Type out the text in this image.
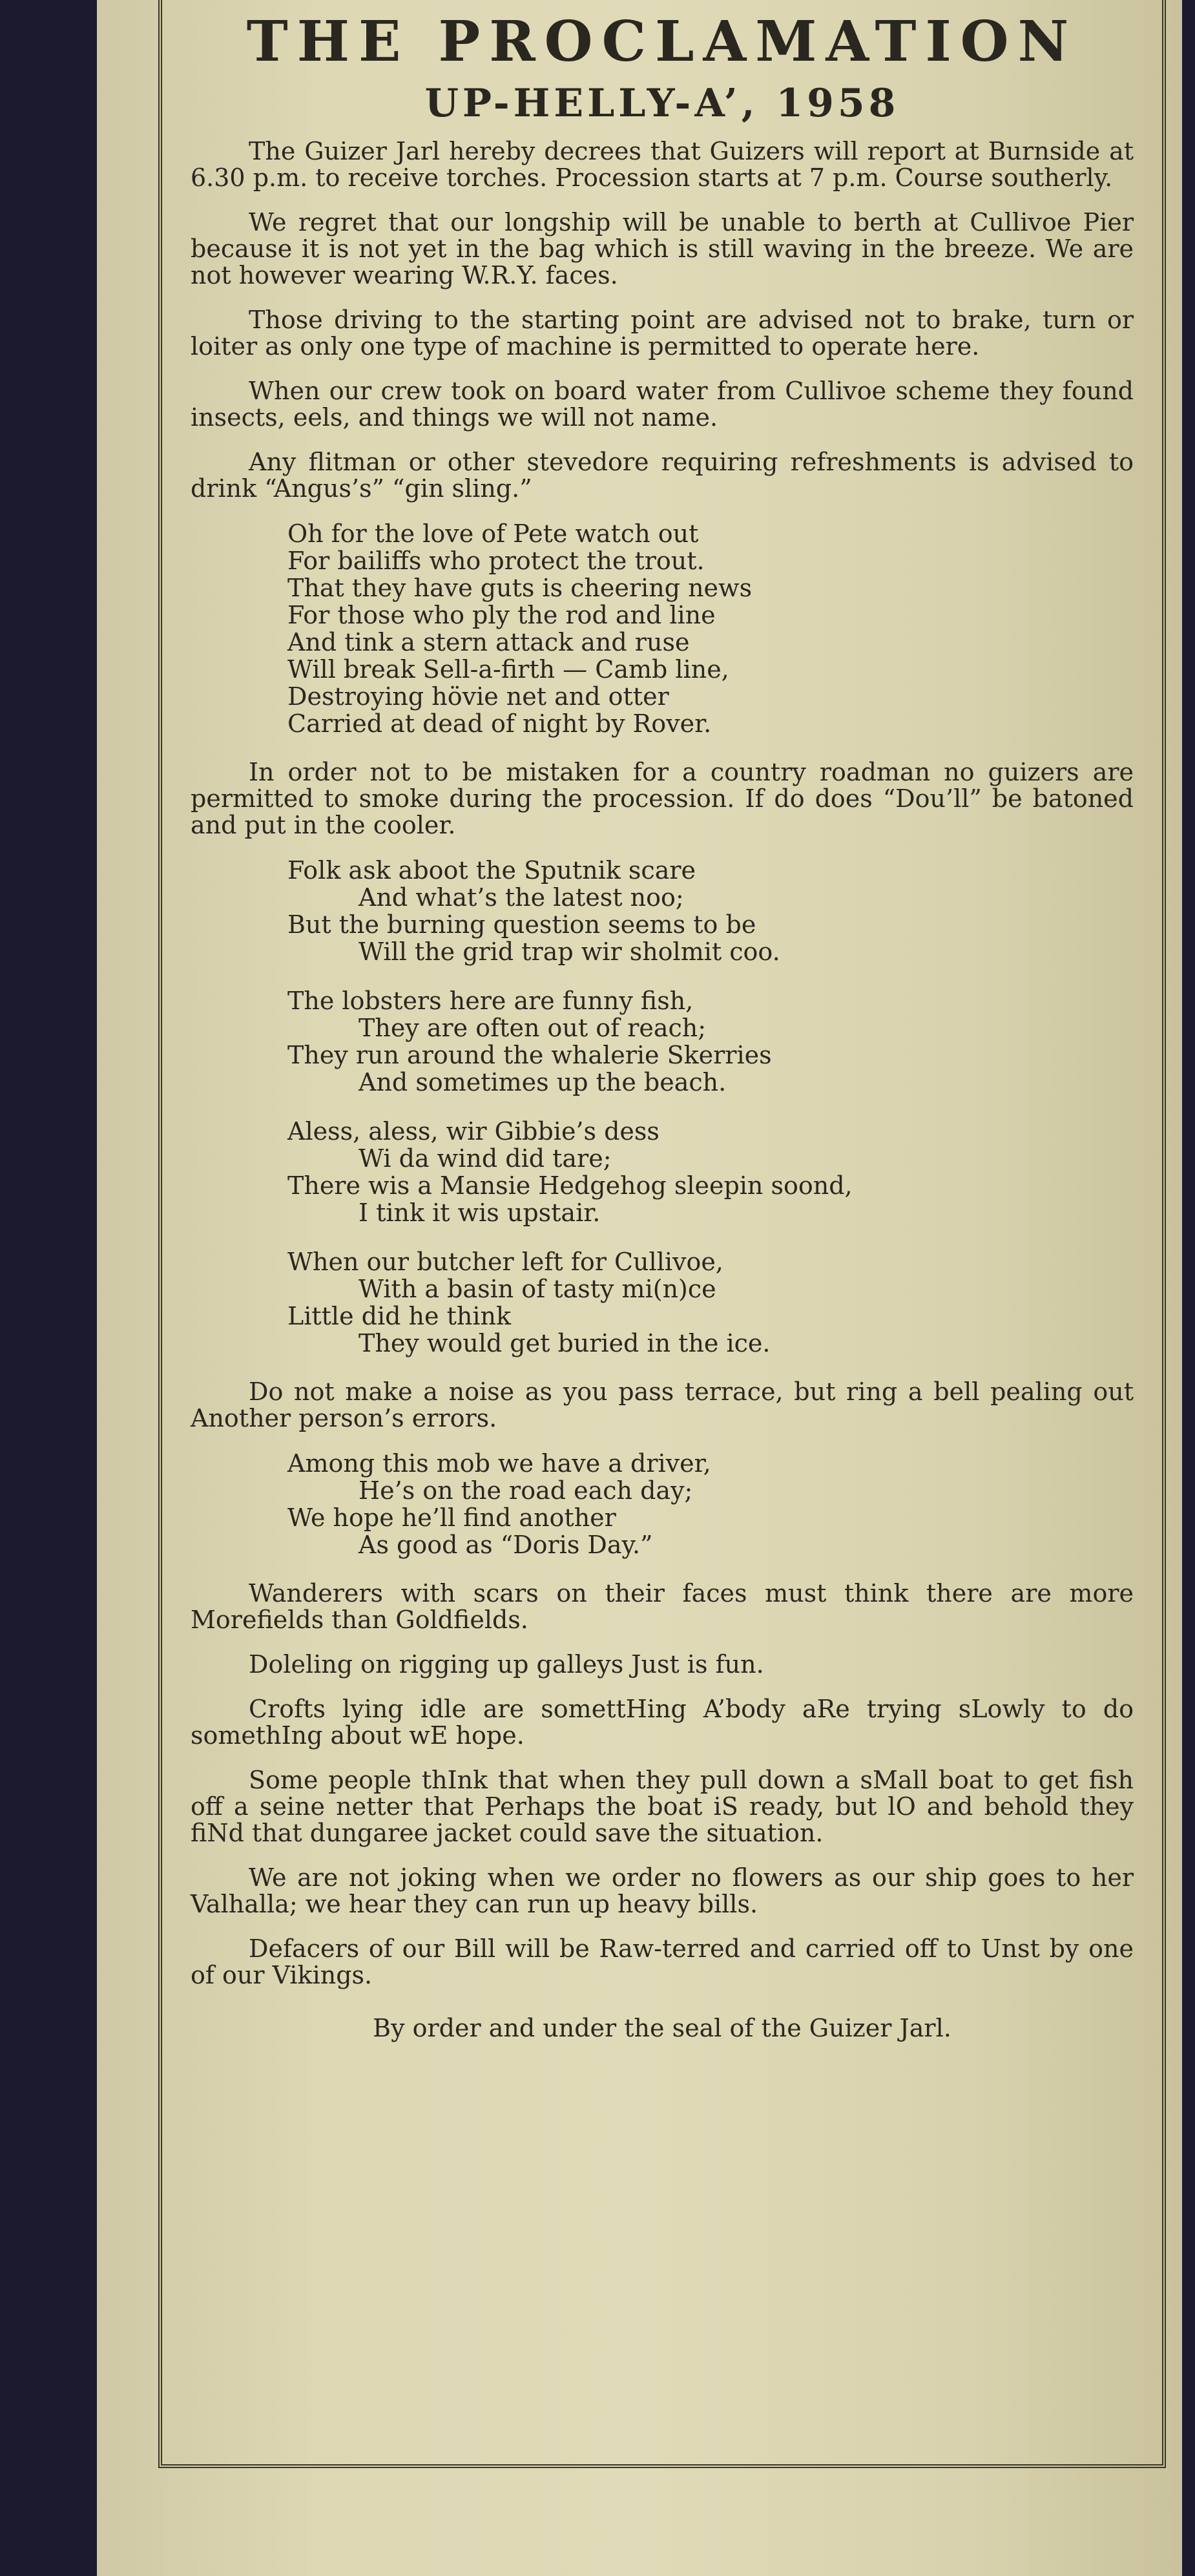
THE PROCLAMATION
UP-HELLY-A’, 1958

The Guizer Jarl hereby decrees that Guizers will report at Burnside at 6.30 p.m. to receive torches. Procession starts at 7 p.m. Course southerly.

We regret that our longship will be unable to berth at Cullivoe Pier because it is not yet in the bag which is still waving in the breeze. We are not however wearing W.R.Y. faces.

Those driving to the starting point are advised not to brake, turn or loiter as only one type of machine is permitted to operate here.

When our crew took on board water from Cullivoe scheme they found insects, eels, and things we will not name.

Any flitman or other stevedore requiring refreshments is advised to drink “Angus’s” “gin sling.”

Oh for the love of Pete watch out
For bailiffs who protect the trout.
That they have guts is cheering news
For those who ply the rod and line
And tink a stern attack and ruse
Will break Sell-a-firth — Camb line,
Destroying hövie net and otter
Carried at dead of night by Rover.

In order not to be mistaken for a country roadman no guizers are permitted to smoke during the procession. If do does “Dou’ll” be batoned and put in the cooler.

Folk ask aboot the Sputnik scare
And what’s the latest noo;
But the burning question seems to be
Will the grid trap wir sholmit coo.
The lobsters here are funny fish,
They are often out of reach;
They run around the whalerie Skerries
And sometimes up the beach.
Aless, aless, wir Gibbie’s dess
Wi da wind did tare;
There wis a Mansie Hedgehog sleepin soond,
I tink it wis upstair.
When our butcher left for Cullivoe,
With a basin of tasty mi(n)ce
Little did he think
They would get buried in the ice.

Do not make a noise as you pass terrace, but ring a bell pealing out Another person’s errors.

Among this mob we have a driver,
He’s on the road each day;
We hope he’ll find another
As good as “Doris Day.”

Wanderers with scars on their faces must think there are more Morefields than Goldfields.

Doleling on rigging up galleys Just is fun.

Crofts lying idle are somettHing A’body aRe trying sLowly to do somethIng about wE hope.

Some people thInk that when they pull down a sMall boat to get fish off a seine netter that Perhaps the boat iS ready, but lO and behold they fiNd that dungaree jacket could save the situation.

We are not joking when we order no flowers as our ship goes to her Valhalla; we hear they can run up heavy bills.

Defacers of our Bill will be Raw-terred and carried off to Unst by one of our Vikings.

By order and under the seal of the Guizer Jarl.
